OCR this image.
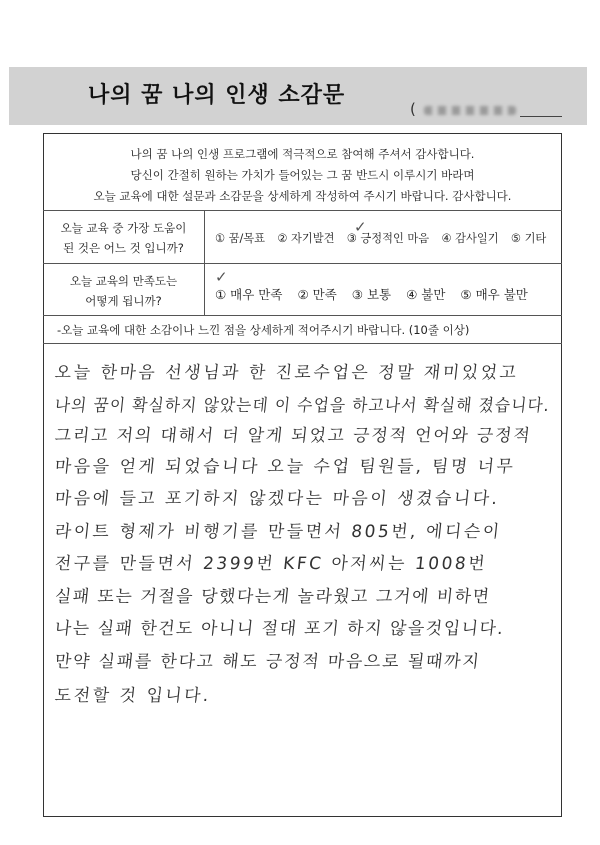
나의 꿈 나의 인생 소감문
(
나의 꿈 나의 인생 프로그램에 적극적으로 참여해 주셔서 감사합니다.
당신이 간절히 원하는 가치가 들어있는 그 꿈 반드시 이루시기 바라며
오늘 교육에 대한 설문과 소감문을 상세하게 작성하여 주시기 바랍니다. 감사합니다.
오늘 교육 중 가장 도움이
된 것은 어느 것 입니까?
① 꿈/목표 ② 자기발견 ③ 긍정적인 마음 ④ 감사일기 ⑤ 기타
✓
오늘 교육의 만족도는
어떻게 됩니까?	① 매우 만족 ② 만족 ③ 보통 ④ 불만 ⑤ 매우 불만
✓
-오늘 교육에 대한 소감이나 느낀 점을 상세하게 적어주시기 바랍니다. (10줄 이상)
오늘 한마음 선생님과 한 진로수업은 정말 재미있었고
나의 꿈이 확실하지 않았는데 이 수업을 하고나서 확실해 졌습니다.
그리고 저의 대해서 더 알게 되었고 긍정적 언어와 긍정적
마음을 얻게 되었습니다 오늘 수업 팀원들, 팀명 너무
마음에 들고 포기하지 않겠다는 마음이 생겼습니다.
라이트 형제가 비행기를 만들면서 805번, 에디슨이
전구를 만들면서 2399번 KFC 아저씨는 1008번
실패 또는 거절을 당했다는게 놀라웠고 그거에 비하면
나는 실패 한건도 아니니 절대 포기 하지 않을것입니다.
만약 실패를 한다고 해도 긍정적 마음으로 될때까지
도전할 것 입니다.
